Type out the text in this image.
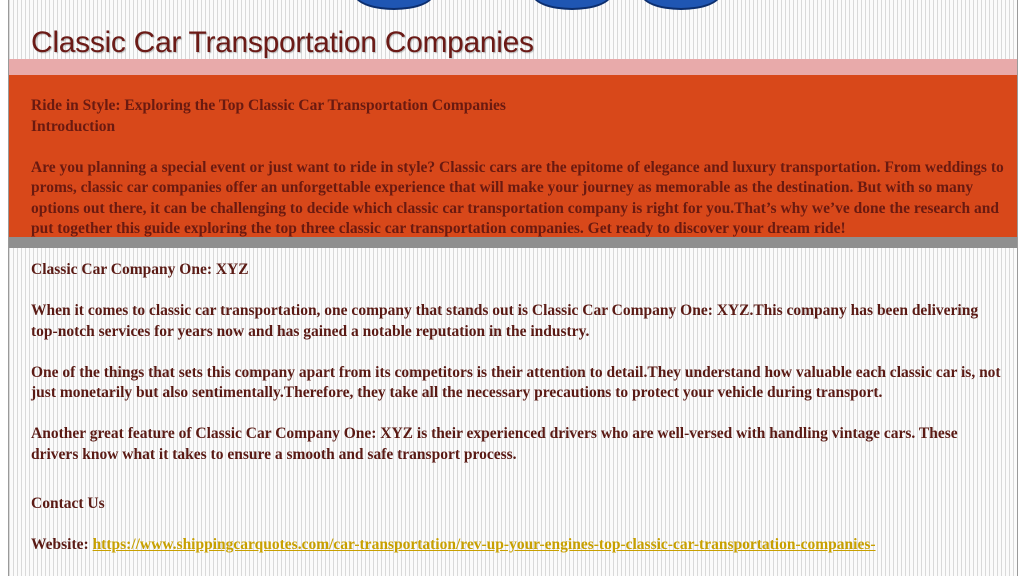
Classic Car Transportation Companies

Ride in Style: Exploring the Top Classic Car Transportation Companies

Introduction

Are you planning a special event or just want to ride in style? Classic cars are the epitome of elegance and luxury transportation. From weddings to proms, classic car companies offer an unforgettable experience that will make your journey as memorable as the destination. But with so many options out there, it can be challenging to decide which classic car transportation company is right for you.That’s why we’ve done the research and put together this guide exploring the top three classic car transportation companies. Get ready to discover your dream ride!

Classic Car Company One: XYZ

When it comes to classic car transportation, one company that stands out is Classic Car Company One: XYZ.This company has been delivering top-notch services for years now and has gained a notable reputation in the industry.

One of the things that sets this company apart from its competitors is their attention to detail.They understand how valuable each classic car is, not just monetarily but also sentimentally.Therefore, they take all the necessary precautions to protect your vehicle during transport.

Another great feature of Classic Car Company One: XYZ is their experienced drivers who are well-versed with handling vintage cars. These drivers know what it takes to ensure a smooth and safe transport process.

Contact Us

Website: https://www.shippingcarquotes.com/car-transportation/rev-up-your-engines-top-classic-car-transportation-companies-
